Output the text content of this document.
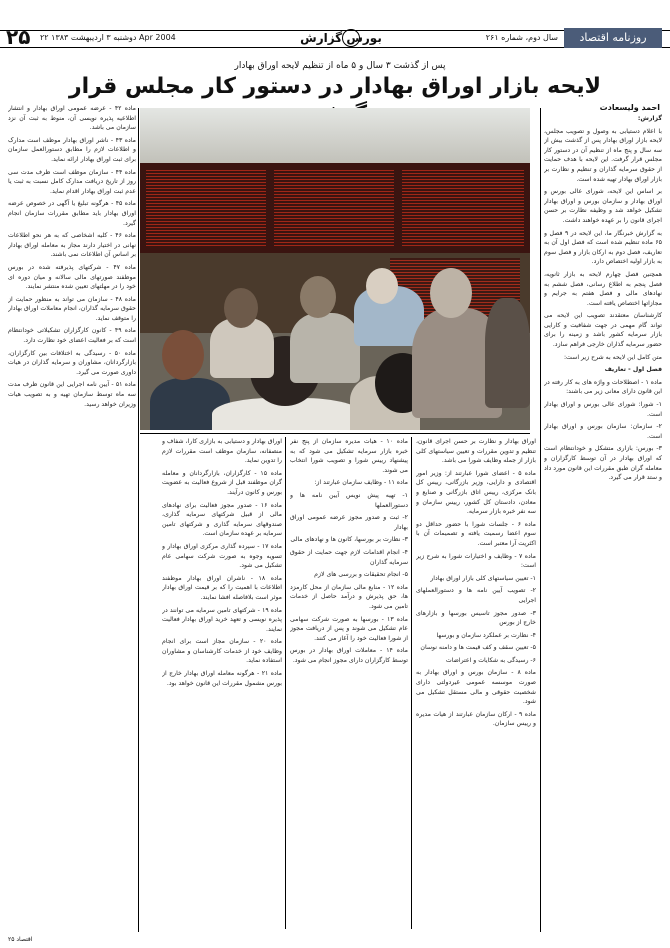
روزنامه اقتصاد
سال دوم، شماره ۲۶۱
بورس گزارش
دوشنبه ۳ اردیبهشت ۱۳۸۳ ۲۲ Apr 2004
۲۵
پس از گذشت ۳ سال و ۵ ماه از تنظیم لایحه اوراق بهادار
لایحه بازار اوراق بهادار در دستور کار مجلس قرار
احمد ولیسعادت

گزارش:

با اعلام دستیابی به وصول و تصویب مجلس، لایحه بازار اوراق بهادار پس از گذشت بیش از سه سال و پنج ماه از تنظیم آن در دستور کار مجلس قرار گرفت. این لایحه با هدف حمایت از حقوق سرمایه گذاران و تنظیم و نظارت بر بازار اوراق بهادار تهیه شده است.

بر اساس این لایحه، شورای عالی بورس و اوراق بهادار و سازمان بورس و اوراق بهادار تشکیل خواهد شد و وظیفه نظارت بر حسن اجرای قانون را بر عهده خواهند داشت.

به گزارش خبرنگار ما، این لایحه در ۹ فصل و ۶۵ ماده تنظیم شده است که فصل اول آن به تعاریف، فصل دوم به ارکان بازار و فصل سوم به بازار اولیه اختصاص دارد.

همچنین فصل چهارم لایحه به بازار ثانویه، فصل پنجم به اطلاع رسانی، فصل ششم به نهادهای مالی و فصل هفتم به جرایم و مجازاتها اختصاص یافته است.

کارشناسان معتقدند تصویب این لایحه می تواند گام مهمی در جهت شفافیت و کارایی بازار سرمایه کشور باشد و زمینه را برای حضور سرمایه گذاران خارجی فراهم سازد.

متن کامل این لایحه به شرح زیر است:

فصل اول - تعاریف

ماده ۱ - اصطلاحات و واژه های به کار رفته در این قانون دارای معانی زیر می باشند:

۱- شورا: شورای عالی بورس و اوراق بهادار است.

۲- سازمان: سازمان بورس و اوراق بهادار است.

۳- بورس: بازاری متشکل و خودانتظام است که اوراق بهادار در آن توسط کارگزاران و معامله گران طبق مقررات این قانون مورد داد و ستد قرار می گیرد.

ماده ۴۲ - عرضه عمومی اوراق بهادار و انتشار اطلاعیه پذیره نویسی آن، منوط به ثبت آن نزد سازمان می باشد.

ماده ۴۳ - ناشر اوراق بهادار موظف است مدارک و اطلاعات لازم را مطابق دستورالعمل سازمان برای ثبت اوراق بهادار ارائه نماید.

ماده ۴۴ - سازمان موظف است ظرف مدت سی روز از تاریخ دریافت مدارک کامل نسبت به ثبت یا عدم ثبت اوراق بهادار اقدام نماید.

ماده ۴۵ - هرگونه تبلیغ یا آگهی در خصوص عرضه اوراق بهادار باید مطابق مقررات سازمان انجام گیرد.

ماده ۴۶ - کلیه اشخاصی که به هر نحو اطلاعات نهانی در اختیار دارند مجاز به معامله اوراق بهادار بر اساس آن اطلاعات نمی باشند.

ماده ۴۷ - شرکتهای پذیرفته شده در بورس موظفند صورتهای مالی سالانه و میان دوره ای خود را در مهلتهای تعیین شده منتشر نمایند.

ماده ۴۸ - سازمان می تواند به منظور حمایت از حقوق سرمایه گذاران، انجام معاملات اوراق بهادار را متوقف نماید.

ماده ۴۹ - کانون کارگزاران تشکیلاتی خودانتظام است که بر فعالیت اعضای خود نظارت دارد.

ماده ۵۰ - رسیدگی به اختلافات بین کارگزاران، بازارگردانان، مشاوران و سرمایه گذاران در هیات داوری صورت می گیرد.

ماده ۵۱ - آیین نامه اجرایی این قانون ظرف مدت سه ماه توسط سازمان تهیه و به تصویب هیات وزیران خواهد رسید.

اوراق بهادار و نظارت بر حسن اجرای قانون، تنظیم و تدوین مقررات و تعیین سیاستهای کلی بازار از جمله وظایف شورا می باشد.

ماده ۵ - اعضای شورا عبارتند از: وزیر امور اقتصادی و دارایی، وزیر بازرگانی، رییس کل بانک مرکزی، رییس اتاق بازرگانی و صنایع و معادن، دادستان کل کشور، رییس سازمان و سه نفر خبره بازار سرمایه.

ماده ۶ - جلسات شورا با حضور حداقل دو سوم اعضا رسمیت یافته و تصمیمات آن با اکثریت آرا معتبر است.

ماده ۷ - وظایف و اختیارات شورا به شرح زیر است:

۱- تعیین سیاستهای کلی بازار اوراق بهادار

۲- تصویب آیین نامه ها و دستورالعملهای اجرایی

۳- صدور مجوز تاسیس بورسها و بازارهای خارج از بورس

۴- نظارت بر عملکرد سازمان و بورسها

۵- تعیین سقف و کف قیمت ها و دامنه نوسان

۶- رسیدگی به شکایات و اعتراضات

ماده ۸ - سازمان بورس و اوراق بهادار به صورت موسسه عمومی غیردولتی دارای شخصیت حقوقی و مالی مستقل تشکیل می شود.

ماده ۹ - ارکان سازمان عبارتند از هیات مدیره و رییس سازمان.

ماده ۱۰ - هیات مدیره سازمان از پنج نفر خبره بازار سرمایه تشکیل می شود که به پیشنهاد رییس شورا و تصویب شورا انتخاب می شوند.

ماده ۱۱ - وظایف سازمان عبارتند از:

۱- تهیه پیش نویس آیین نامه ها و دستورالعملها

۲- ثبت و صدور مجوز عرضه عمومی اوراق بهادار

۳- نظارت بر بورسها، کانون ها و نهادهای مالی

۴- انجام اقدامات لازم جهت حمایت از حقوق سرمایه گذاران

۵- انجام تحقیقات و بررسی های لازم

ماده ۱۲ - منابع مالی سازمان از محل کارمزد ها، حق پذیرش و درآمد حاصل از خدمات تامین می شود.

ماده ۱۳ - بورسها به صورت شرکت سهامی عام تشکیل می شوند و پس از دریافت مجوز از شورا فعالیت خود را آغاز می کنند.

ماده ۱۴ - معاملات اوراق بهادار در بورس توسط کارگزاران دارای مجوز انجام می شود.

اوراق بهادار و دستیابی به بازاری کارا، شفاف و منصفانه، سازمان موظف است مقررات لازم را تدوین نماید.

ماده ۱۵ - کارگزاران، بازارگردانان و معامله گران موظفند قبل از شروع فعالیت به عضویت بورس و کانون درآیند.

ماده ۱۶ - صدور مجوز فعالیت برای نهادهای مالی از قبیل شرکتهای سرمایه گذاری، صندوقهای سرمایه گذاری و شرکتهای تامین سرمایه بر عهده سازمان است.

ماده ۱۷ - سپرده گذاری مرکزی اوراق بهادار و تسویه وجوه به صورت شرکت سهامی عام تشکیل می شود.

ماده ۱۸ - ناشران اوراق بهادار موظفند اطلاعات با اهمیت را که بر قیمت اوراق بهادار موثر است بلافاصله افشا نمایند.

ماده ۱۹ - شرکتهای تامین سرمایه می توانند در پذیره نویسی و تعهد خرید اوراق بهادار فعالیت نمایند.

ماده ۲۰ - سازمان مجاز است برای انجام وظایف خود از خدمات کارشناسان و مشاوران استفاده نماید.

ماده ۲۱ - هرگونه معامله اوراق بهادار خارج از بورس مشمول مقررات این قانون خواهد بود.

اقتصاد ۲۵
